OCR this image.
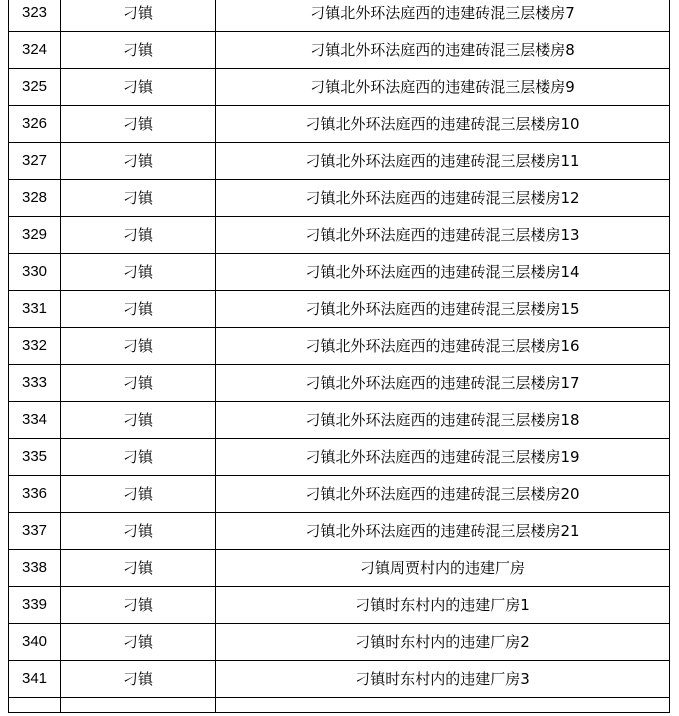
323	刁镇	刁镇北外环法庭西的违建砖混三层楼房7
324	刁镇	刁镇北外环法庭西的违建砖混三层楼房8
325	刁镇	刁镇北外环法庭西的违建砖混三层楼房9
326	刁镇	刁镇北外环法庭西的违建砖混三层楼房10
327	刁镇	刁镇北外环法庭西的违建砖混三层楼房11
328	刁镇	刁镇北外环法庭西的违建砖混三层楼房12
329	刁镇	刁镇北外环法庭西的违建砖混三层楼房13
330	刁镇	刁镇北外环法庭西的违建砖混三层楼房14
331	刁镇	刁镇北外环法庭西的违建砖混三层楼房15
332	刁镇	刁镇北外环法庭西的违建砖混三层楼房16
333	刁镇	刁镇北外环法庭西的违建砖混三层楼房17
334	刁镇	刁镇北外环法庭西的违建砖混三层楼房18
335	刁镇	刁镇北外环法庭西的违建砖混三层楼房19
336	刁镇	刁镇北外环法庭西的违建砖混三层楼房20
337	刁镇	刁镇北外环法庭西的违建砖混三层楼房21
338	刁镇	刁镇周贾村内的违建厂房
339	刁镇	刁镇时东村内的违建厂房1
340	刁镇	刁镇时东村内的违建厂房2
341	刁镇	刁镇时东村内的违建厂房3
